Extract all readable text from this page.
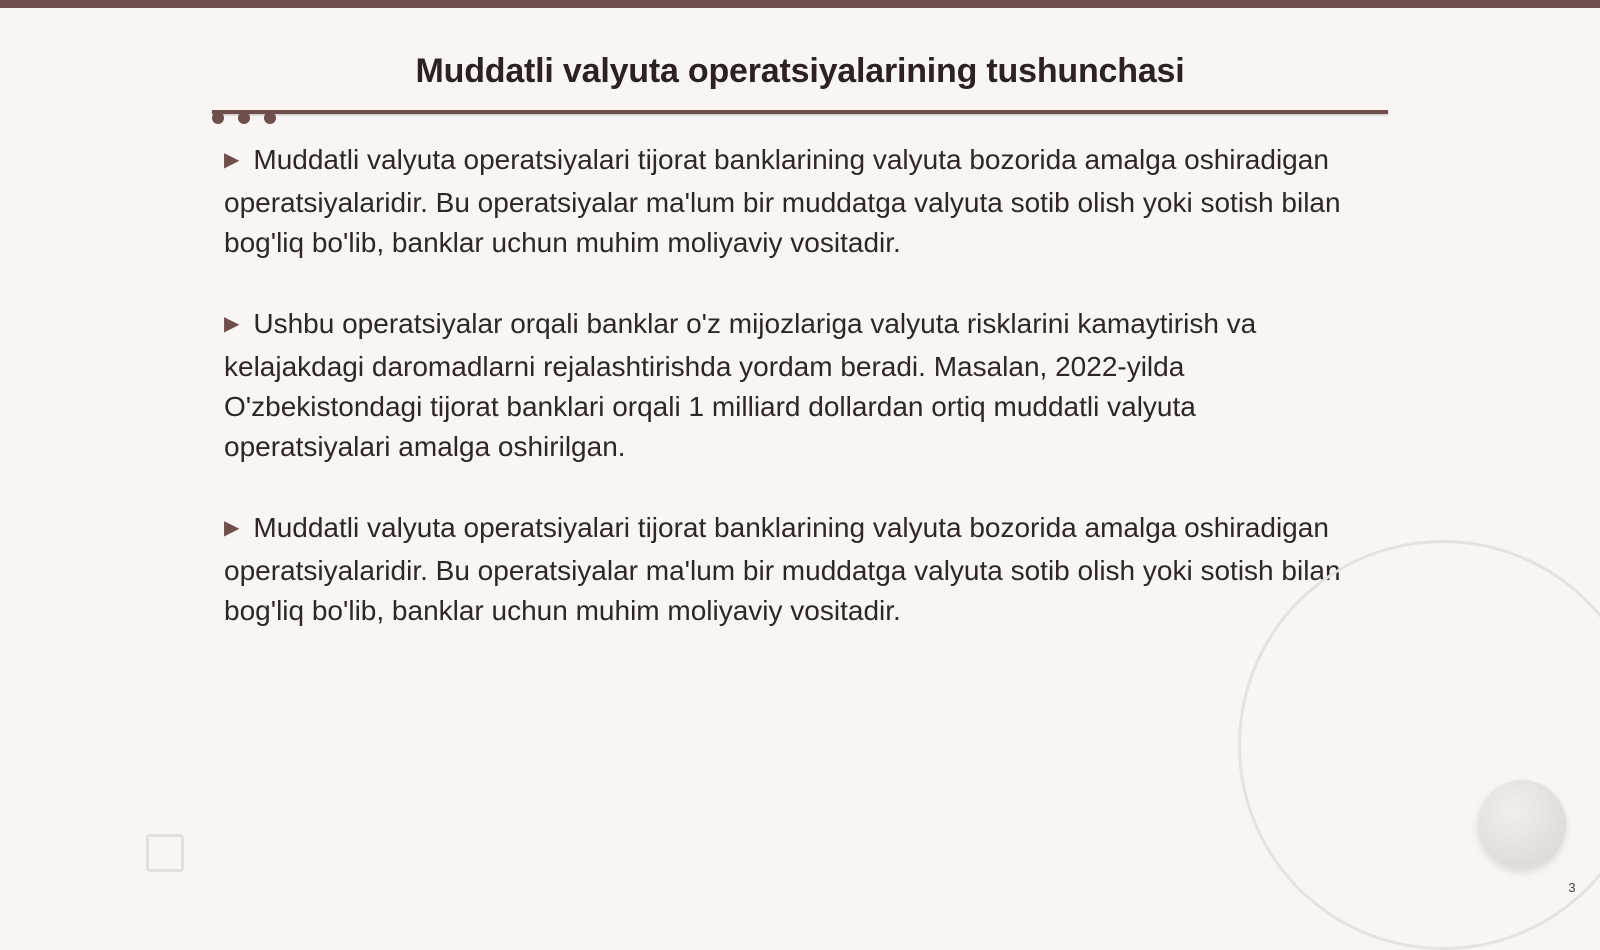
Muddatli valyuta operatsiyalarining tushunchasi

▶ Muddatli valyuta operatsiyalari tijorat banklarining valyuta bozorida amalga oshiradigan operatsiyalaridir. Bu operatsiyalar ma'lum bir muddatga valyuta sotib olish yoki sotish bilan bog'liq bo'lib, banklar uchun muhim moliyaviy vositadir.

▶ Ushbu operatsiyalar orqali banklar o'z mijozlariga valyuta risklarini kamaytirish va kelajakdagi daromadlarni rejalashtirishda yordam beradi. Masalan, 2022-yilda O'zbekistondagi tijorat banklari orqali 1 milliard dollardan ortiq muddatli valyuta operatsiyalari amalga oshirilgan.

▶ Muddatli valyuta operatsiyalari tijorat banklarining valyuta bozorida amalga oshiradigan operatsiyalaridir. Bu operatsiyalar ma'lum bir muddatga valyuta sotib olish yoki sotish bilan bog'liq bo'lib, banklar uchun muhim moliyaviy vositadir.

3
